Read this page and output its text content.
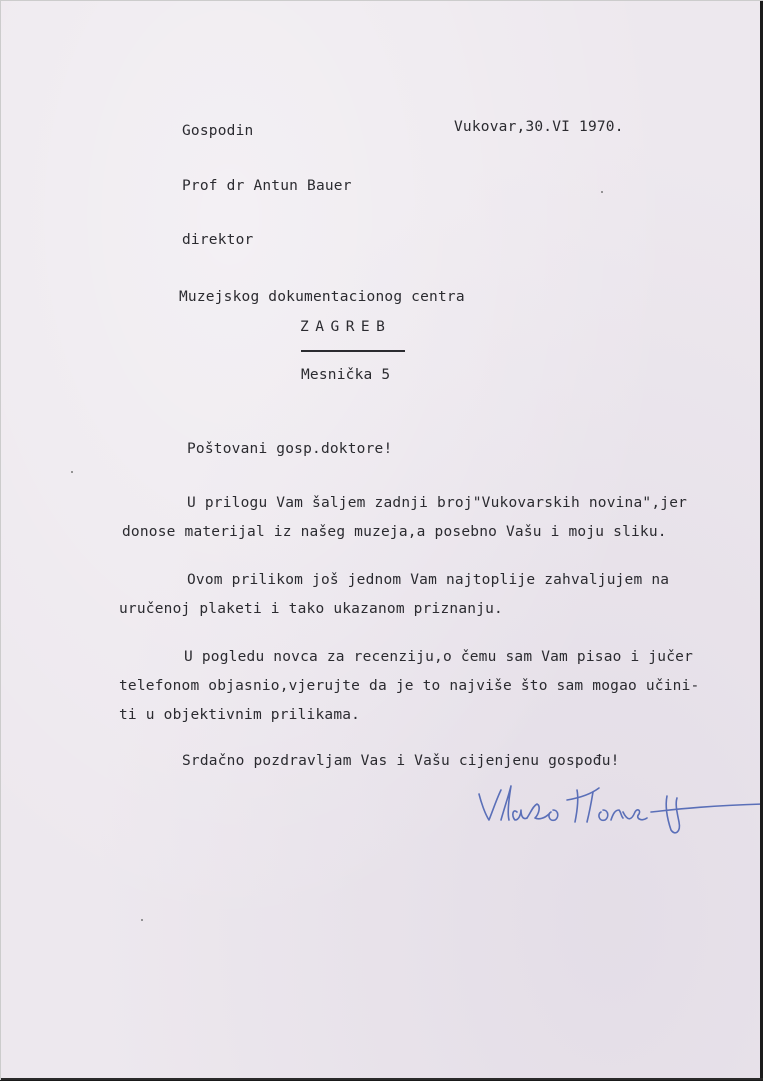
Gospodin	Vukovar,30.VI 1970.
Prof dr Antun Bauer
direktor
Muzejskog dokumentacionog centra
ZAGREB
Mesnička 5
Poštovani gosp.doktore!
U prilogu Vam šaljem zadnji broj"Vukovarskih novina",jer
donose materijal iz našeg muzeja,a posebno Vašu i moju sliku.
Ovom prilikom još jednom Vam najtoplije zahvaljujem na
uručenoj plaketi i tako ukazanom priznanju.
U pogledu novca za recenziju,o čemu sam Vam pisao i jučer
telefonom objasnio,vjerujte da je to najviše što sam mogao učini-
ti u objektivnim prilikama.
Srdačno pozdravljam Vas i Vašu cijenjenu gospođu!
Vlasto Horvat
